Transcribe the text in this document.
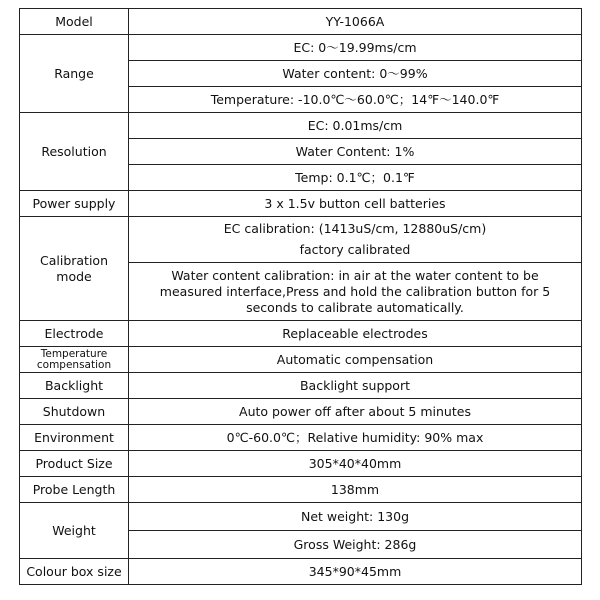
Model	YY-1066A
Range	EC: 0～19.99ms/cm
	Water content: 0～99%
	Temperature: -10.0℃～60.0℃；14℉～140.0℉
Resolution	EC: 0.01ms/cm
	Water Content: 1%
	Temp: 0.1℃；0.1℉
Power supply	3 x 1.5v button cell batteries
Calibration mode	EC calibration: (1413uS/cm, 12880uS/cm)
factory calibrated

	Water content calibration: in air at the water content to be measured interface,Press and hold the calibration button for 5 seconds to calibrate automatically.
Electrode	Replaceable electrodes
Temperature compensation	Automatic compensation
Backlight	Backlight support
Shutdown	Auto power off after about 5 minutes
Environment	0℃-60.0℃；Relative humidity: 90% max
Product Size	305*40*40mm
Probe Length	138mm
Weight	Net weight: 130g
	Gross Weight: 286g
Colour box size	345*90*45mm
